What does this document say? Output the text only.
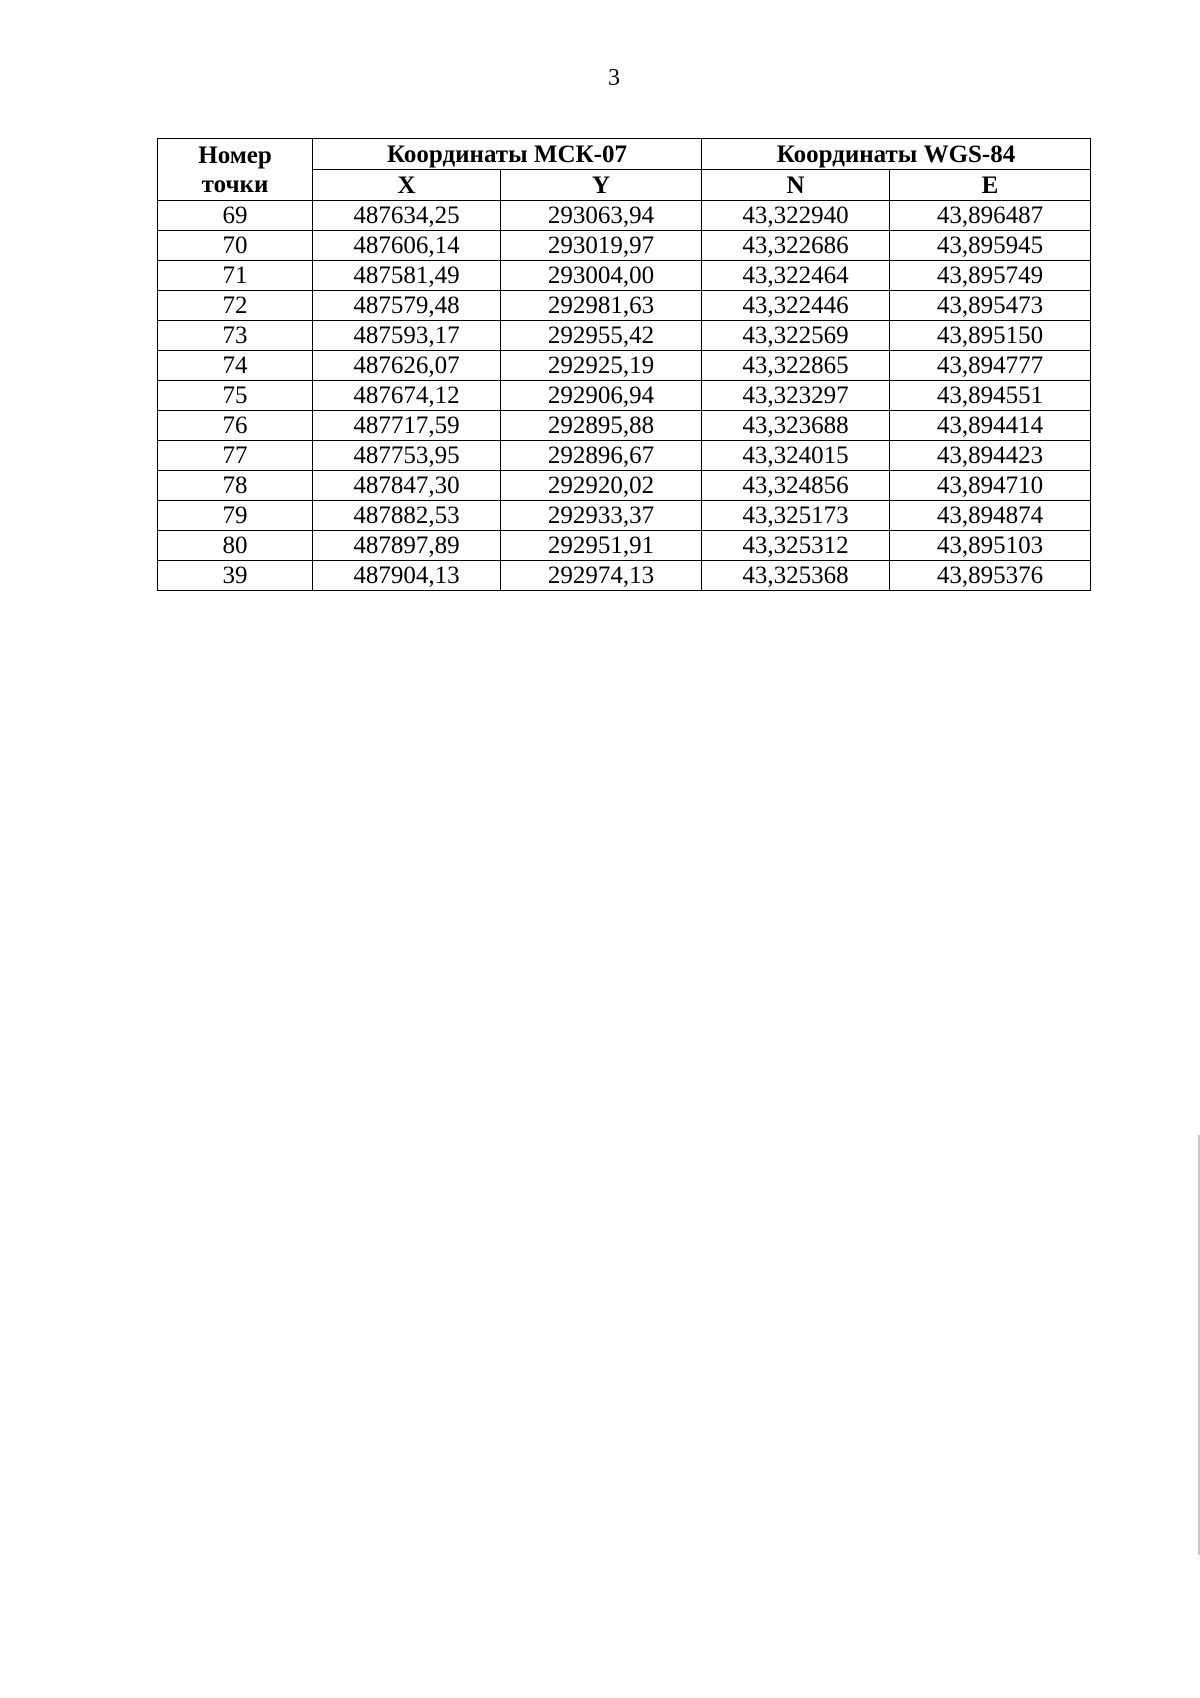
3
Номер
точки	Координаты МСК-07		Координаты WGS-84	
	X	Y	N	E
69	487634,25	293063,94	43,322940	43,896487
70	487606,14	293019,97	43,322686	43,895945
71	487581,49	293004,00	43,322464	43,895749
72	487579,48	292981,63	43,322446	43,895473
73	487593,17	292955,42	43,322569	43,895150
74	487626,07	292925,19	43,322865	43,894777
75	487674,12	292906,94	43,323297	43,894551
76	487717,59	292895,88	43,323688	43,894414
77	487753,95	292896,67	43,324015	43,894423
78	487847,30	292920,02	43,324856	43,894710
79	487882,53	292933,37	43,325173	43,894874
80	487897,89	292951,91	43,325312	43,895103
39	487904,13	292974,13	43,325368	43,895376
